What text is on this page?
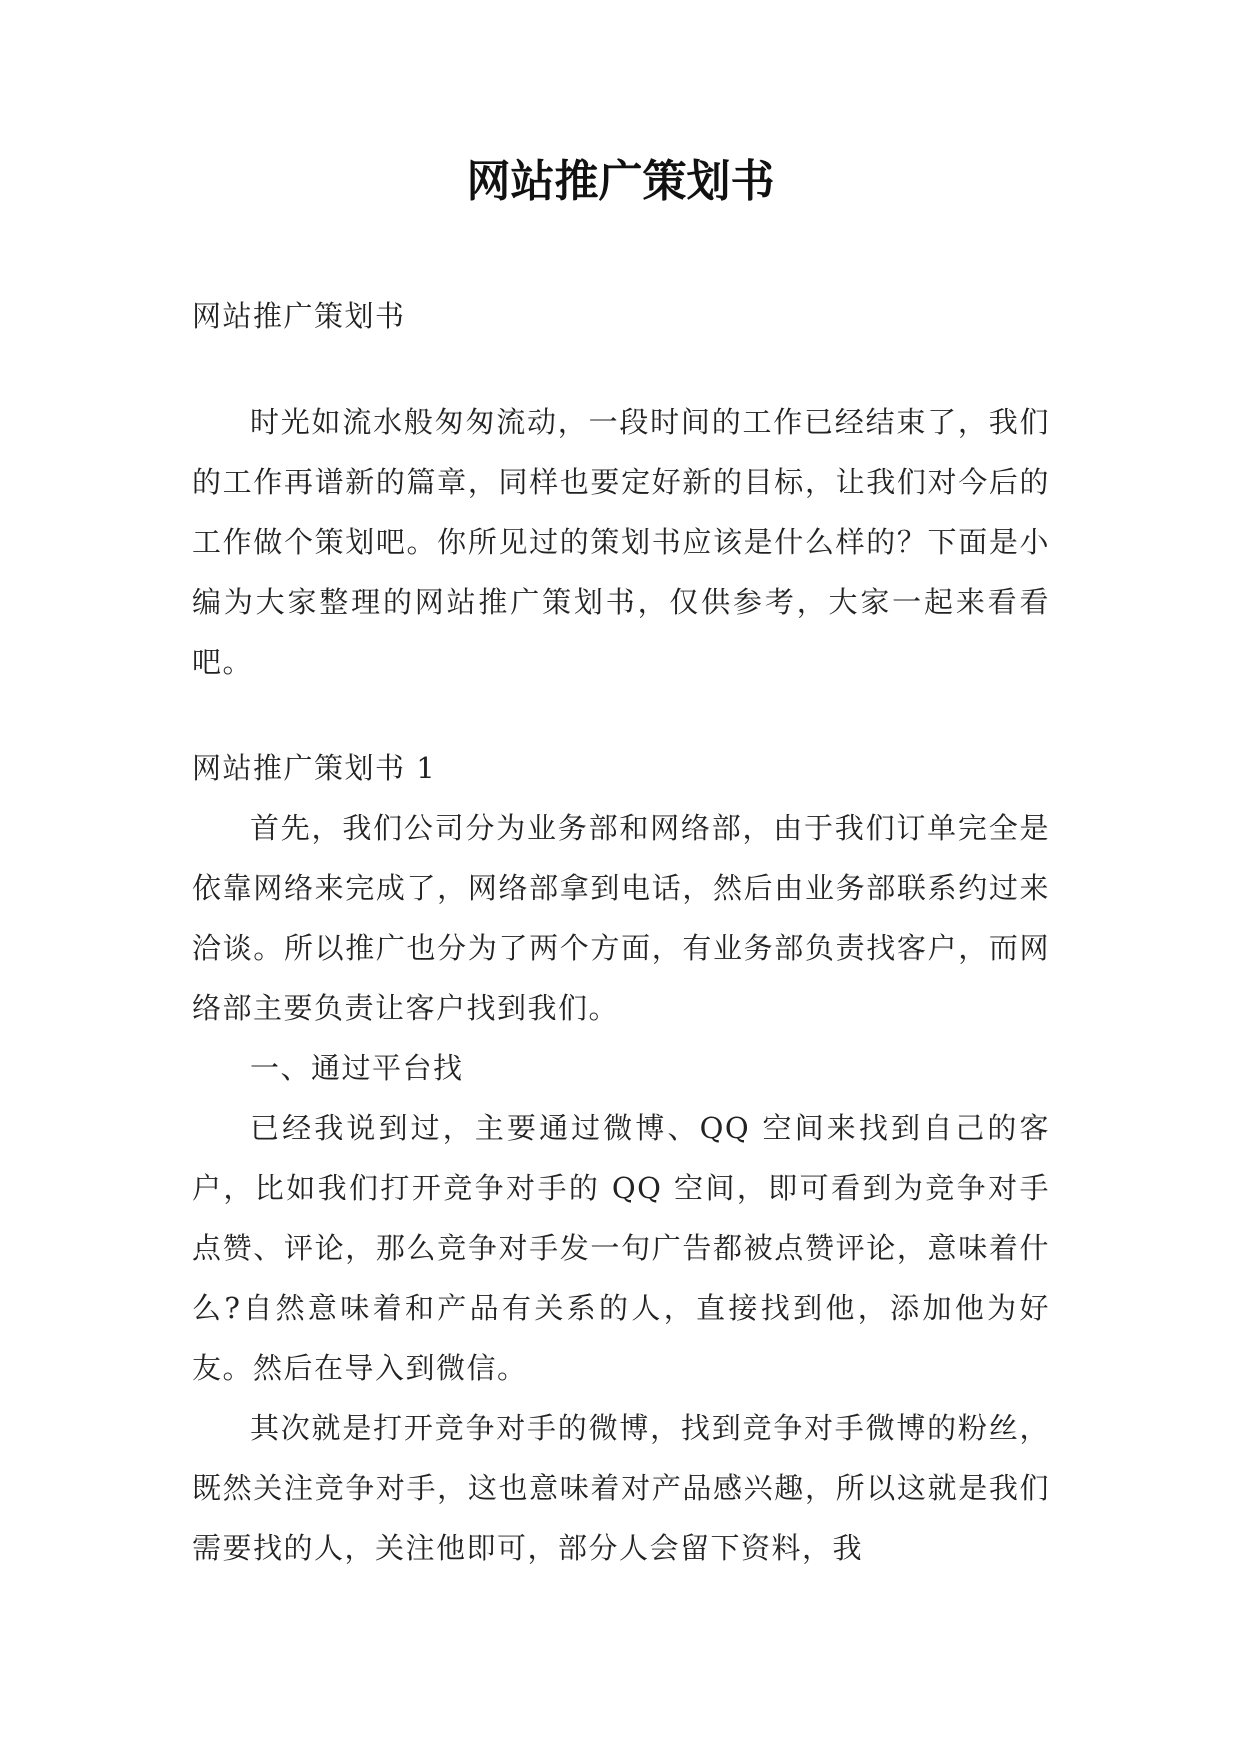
网站推广策划书

网站推广策划书

时光如流水般匆匆流动，一段时间的工作已经结束了，我们的工作再谱新的篇章，同样也要定好新的目标，让我们对今后的工作做个策划吧。你所见过的策划书应该是什么样的？下面是小编为大家整理的网站推广策划书，仅供参考，大家一起来看看吧。

网站推广策划书 1

首先，我们公司分为业务部和网络部，由于我们订单完全是依靠网络来完成了，网络部拿到电话，然后由业务部联系约过来洽谈。所以推广也分为了两个方面，有业务部负责找客户，而网络部主要负责让客户找到我们。

一、通过平台找

已经我说到过，主要通过微博、QQ 空间来找到自己的客户，比如我们打开竞争对手的 QQ 空间，即可看到为竞争对手点赞、评论，那么竞争对手发一句广告都被点赞评论，意味着什么?自然意味着和产品有关系的人，直接找到他，添加他为好友。然后在导入到微信。

其次就是打开竞争对手的微博，找到竞争对手微博的粉丝，既然关注竞争对手，这也意味着对产品感兴趣，所以这就是我们需要找的人，关注他即可，部分人会留下资料，我
